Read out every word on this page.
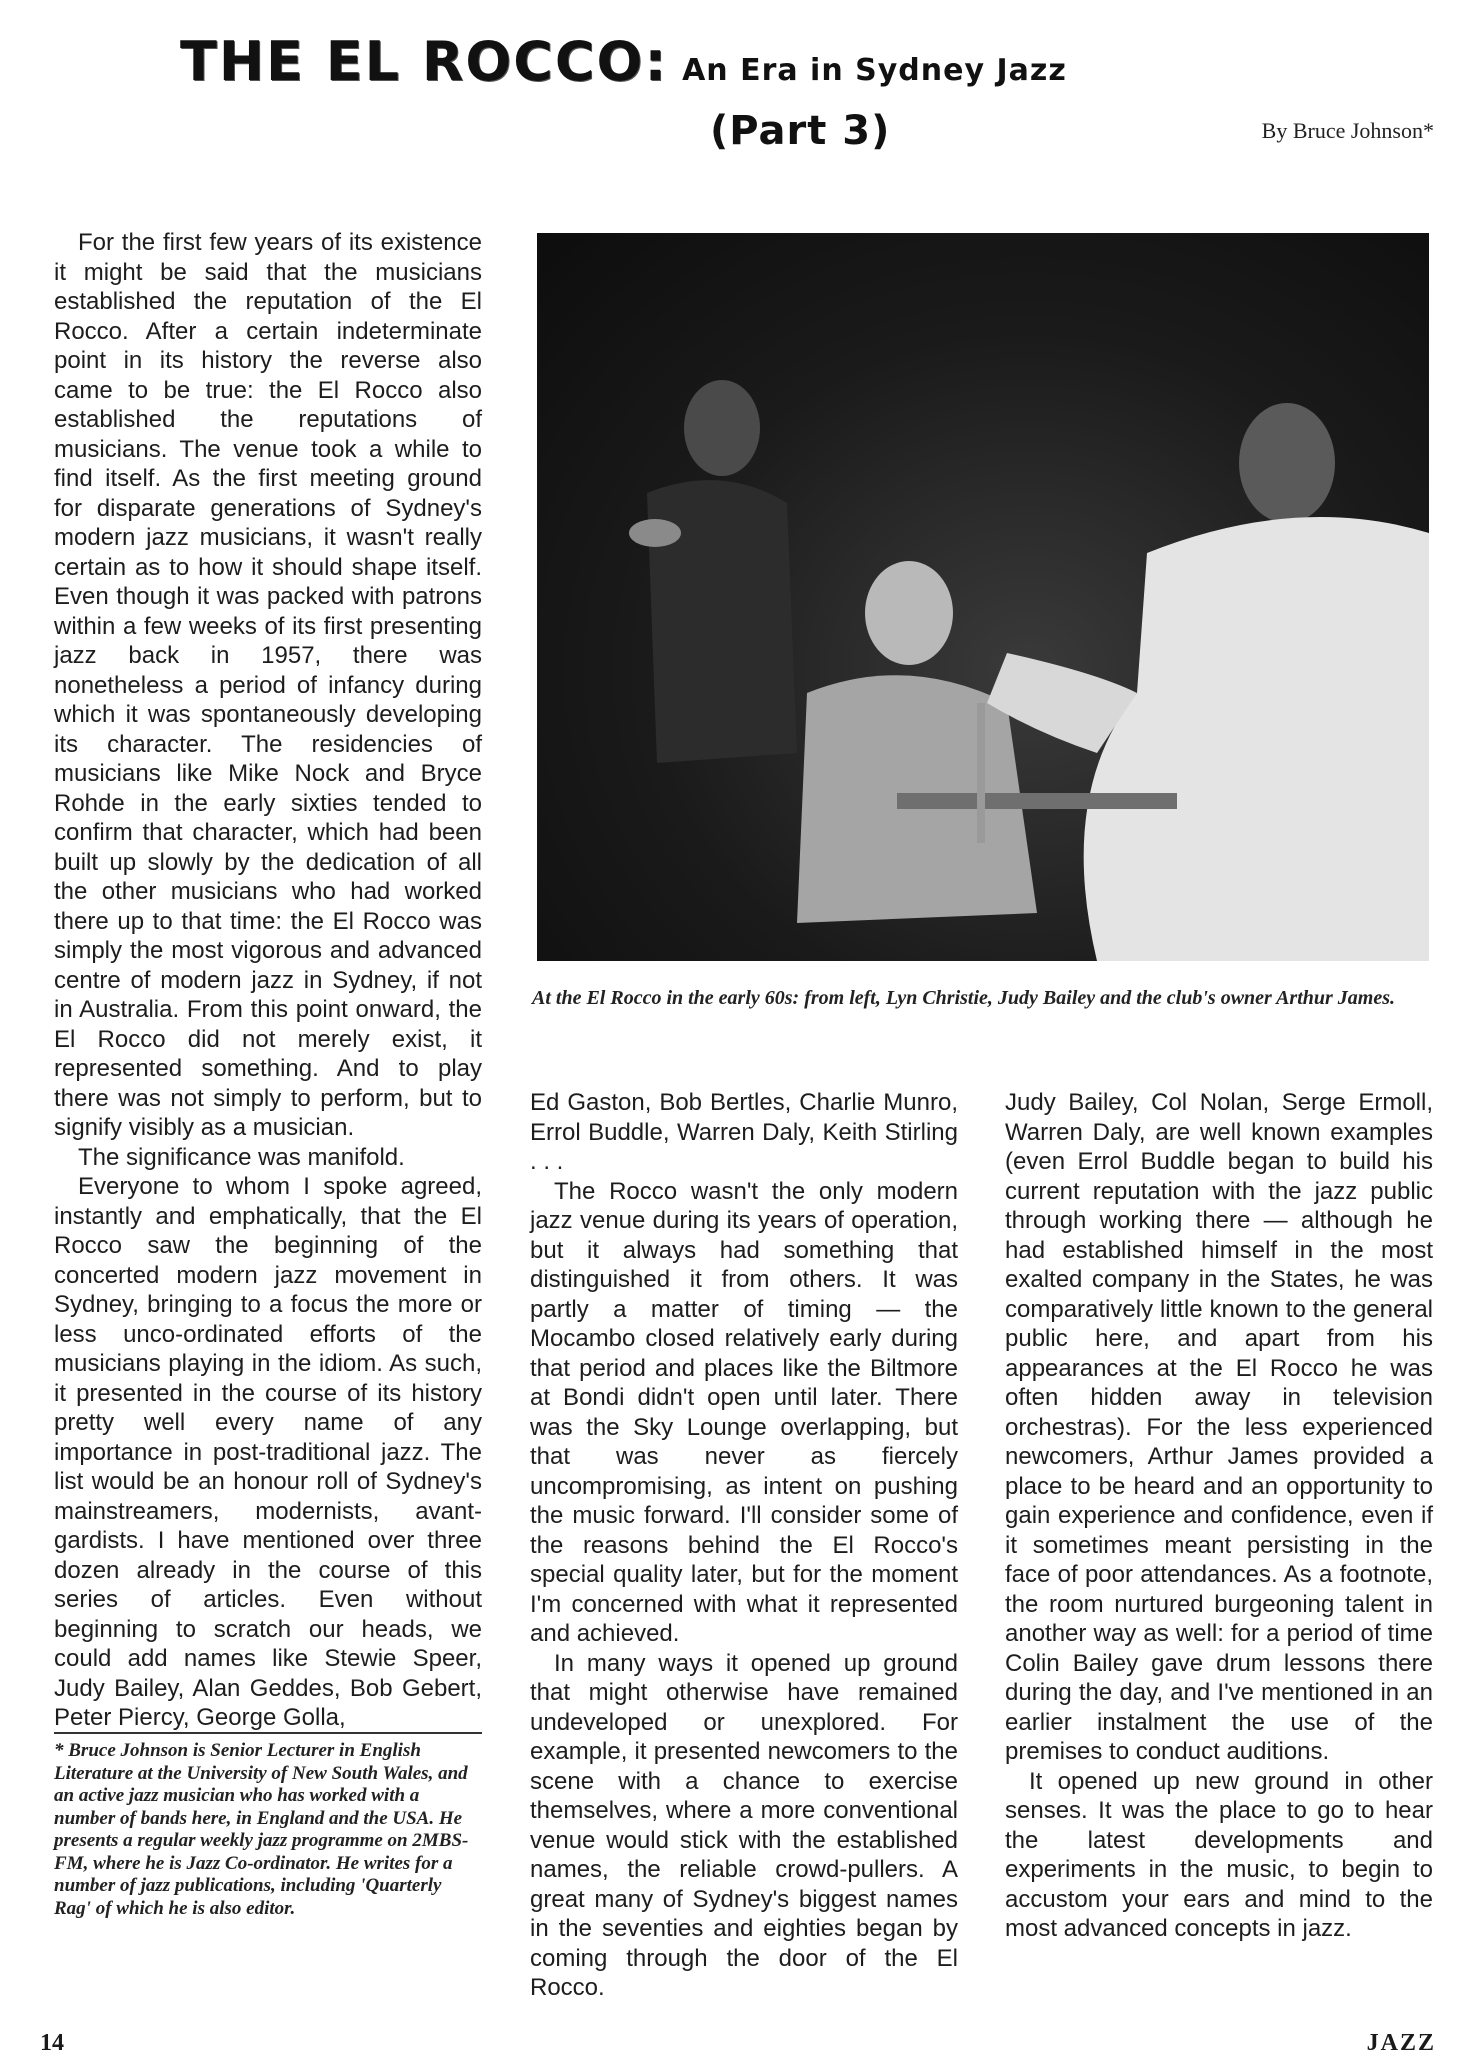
THE EL ROCCO: An Era in Sydney Jazz
(Part 3)	By Bruce Johnson*

For the first few years of its existence it might be said that the musicians established the reputation of the El Rocco. After a certain indeterminate point in its history the reverse also came to be true: the El Rocco also established the reputations of musicians. The venue took a while to find itself. As the first meeting ground for disparate generations of Sydney's modern jazz musicians, it wasn't really certain as to how it should shape itself. Even though it was packed with patrons within a few weeks of its first presenting jazz back in 1957, there was nonetheless a period of infancy during which it was spontaneously developing its character. The residencies of musicians like Mike Nock and Bryce Rohde in the early sixties tended to confirm that character, which had been built up slowly by the dedication of all the other musicians who had worked there up to that time: the El Rocco was simply the most vigorous and advanced centre of modern jazz in Sydney, if not in Australia. From this point onward, the El Rocco did not merely exist, it represented something. And to play there was not simply to perform, but to signify visibly as a musician.

The significance was manifold.

Everyone to whom I spoke agreed, instantly and emphatically, that the El Rocco saw the beginning of the concerted modern jazz movement in Sydney, bringing to a focus the more or less unco-ordinated efforts of the musicians playing in the idiom. As such, it presented in the course of its history pretty well every name of any importance in post-traditional jazz. The list would be an honour roll of Sydney's mainstreamers, modernists, avant-gardists. I have mentioned over three dozen already in the course of this series of articles. Even without beginning to scratch our heads, we could add names like Stewie Speer, Judy Bailey, Alan Geddes, Bob Gebert, Peter Piercy, George Golla,

* Bruce Johnson is Senior Lecturer in English Literature at the University of New South Wales, and an active jazz musician who has worked with a number of bands here, in England and the USA. He presents a regular weekly jazz programme on 2MBS-FM, where he is Jazz Co-ordinator. He writes for a number of jazz publications, including 'Quarterly Rag' of which he is also editor.
At the El Rocco in the early 60s: from left, Lyn Christie, Judy Bailey and the club's owner Arthur James.

Ed Gaston, Bob Bertles, Charlie Munro, Errol Buddle, Warren Daly, Keith Stirling . . .

The Rocco wasn't the only modern jazz venue during its years of operation, but it always had something that distinguished it from others. It was partly a matter of timing — the Mocambo closed relatively early during that period and places like the Biltmore at Bondi didn't open until later. There was the Sky Lounge overlapping, but that was never as fiercely uncompromising, as intent on pushing the music forward. I'll consider some of the reasons behind the El Rocco's special quality later, but for the moment I'm concerned with what it represented and achieved.

In many ways it opened up ground that might otherwise have remained undeveloped or unexplored. For example, it presented newcomers to the scene with a chance to exercise themselves, where a more conventional venue would stick with the established names, the reliable crowd-pullers. A great many of Sydney's biggest names in the seventies and eighties began by coming through the door of the El Rocco.

Judy Bailey, Col Nolan, Serge Ermoll, Warren Daly, are well known examples (even Errol Buddle began to build his current reputation with the jazz public through working there — although he had established himself in the most exalted company in the States, he was comparatively little known to the general public here, and apart from his appearances at the El Rocco he was often hidden away in television orchestras). For the less experienced newcomers, Arthur James provided a place to be heard and an opportunity to gain experience and confidence, even if it sometimes meant persisting in the face of poor attendances. As a footnote, the room nurtured burgeoning talent in another way as well: for a period of time Colin Bailey gave drum lessons there during the day, and I've mentioned in an earlier instalment the use of the premises to conduct auditions.

It opened up new ground in other senses. It was the place to go to hear the latest developments and experiments in the music, to begin to accustom your ears and mind to the most advanced concepts in jazz.

14	JAZZ
